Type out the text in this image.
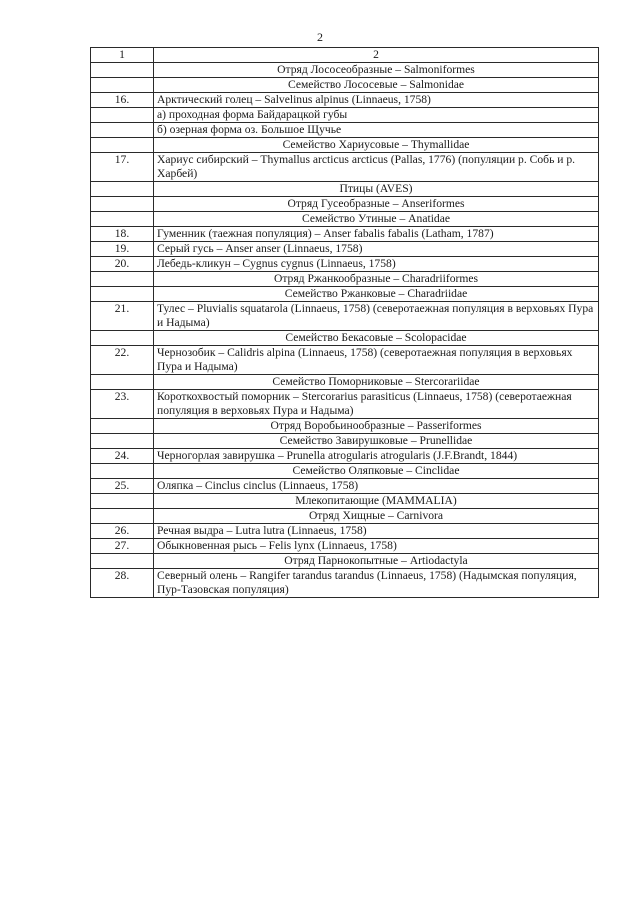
2
1	2
	Отряд Лососеобразные – Salmoniformes
	Семейство Лососевые – Salmonidae
16.	Арктический голец – Salvelinus alpinus (Linnaeus, 1758)
	а) проходная форма Байдарацкой губы
	б) озерная форма оз. Большое Щучье
	Семейство Хариусовые – Thymallidae
17.	Хариус сибирский – Thymallus arcticus arcticus (Pallas, 1776) (популяции р. Собь и р. Харбей)
	Птицы (AVES)
	Отряд Гусеобразные – Anseriformes
	Семейство Утиные – Anatidae
18.	Гуменник (таежная популяция) – Anser fabalis fabalis (Latham, 1787)
19.	Серый гусь – Anser anser (Linnaeus, 1758)
20.	Лебедь-кликун – Cygnus cygnus (Linnaeus, 1758)
	Отряд Ржанкообразные – Charadriiformes
	Семейство Ржанковые – Charadriidae
21.	Тулес – Pluvialis squatarola (Linnaeus, 1758) (северотаежная популяция в верховьях Пура и Надыма)
	Семейство Бекасовые – Scolopacidae
22.	Чернозобик – Calidris alpina (Linnaeus, 1758) (северотаежная популяция в верховьях Пура и Надыма)
	Семейство Поморниковые – Stercorariidae
23.	Короткохвостый поморник – Stercorarius parasiticus (Linnaeus, 1758) (северотаежная популяция в верховьях Пура и Надыма)
	Отряд Воробьинообразные – Passeriformes
	Семейство Завирушковые – Prunellidae
24.	Черногорлая завирушка – Prunella atrogularis atrogularis (J.F.Brandt, 1844)
	Семейство Оляпковые – Cinclidae
25.	Оляпка – Cinclus cinclus (Linnaeus, 1758)
	Млекопитающие (MAMMALIA)
	Отряд Хищные – Carnivora
26.	Речная выдра – Lutra lutra (Linnaeus, 1758)
27.	Обыкновенная рысь – Felis lynx (Linnaeus, 1758)
	Отряд Парнокопытные – Artiodactyla
28.	Северный олень – Rangifer tarandus tarandus (Linnaeus, 1758) (Надымская популяция, Пур-Тазовская популяция)
